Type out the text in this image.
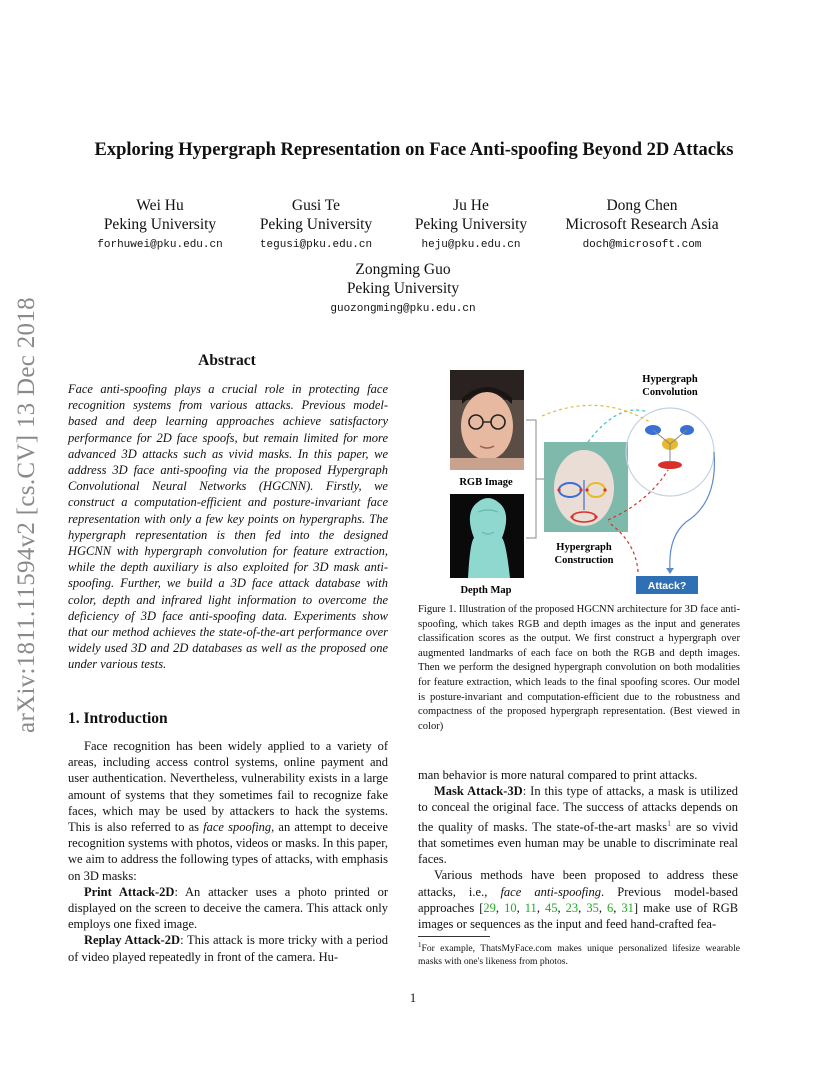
arXiv:1811.11594v2 [cs.CV] 13 Dec 2018
Exploring Hypergraph Representation on Face Anti-spoofing Beyond 2D Attacks
Wei Hu
Peking University
forhuwei@pku.edu.cn
Gusi Te
Peking University
tegusi@pku.edu.cn
Ju He
Peking University
heju@pku.edu.cn
Dong Chen
Microsoft Research Asia
doch@microsoft.com
Zongming Guo
Peking University
guozongming@pku.edu.cn
Abstract

Face anti-spoofing plays a crucial role in protecting face recognition systems from various attacks. Previous model-based and deep learning approaches achieve satisfactory performance for 2D face spoofs, but remain limited for more advanced 3D attacks such as vivid masks. In this paper, we address 3D face anti-spoofing via the proposed Hypergraph Convolutional Neural Networks (HGCNN). Firstly, we construct a computation-efficient and posture-invariant face representation with only a few key points on hypergraphs. The hypergraph representation is then fed into the designed HGCNN with hypergraph convolution for feature extraction, while the depth auxiliary is also exploited for 3D mask anti-spoofing. Further, we build a 3D face attack database with color, depth and infrared light information to overcome the deficiency of 3D face anti-spoofing data. Experiments show that our method achieves the state-of-the-art performance over widely used 3D and 2D databases as well as the proposed one under various tests.

1. Introduction

Face recognition has been widely applied to a variety of areas, including access control systems, online payment and user authentication. Nevertheless, vulnerability exists in a large amount of systems that they sometimes fail to recognize fake faces, which may be used by attackers to hack the systems. This is also referred to as face spoofing, an attempt to deceive recognition systems with photos, videos or masks. In this paper, we aim to address the following types of attacks, with emphasis on 3D masks:

Print Attack-2D: An attacker uses a photo printed or displayed on the screen to deceive the camera. This attack only employs one fixed image.

Replay Attack-2D: This attack is more tricky with a period of video played repeatedly in front of the camera. Hu-

man behavior is more natural compared to print attacks.

Mask Attack-3D: In this type of attacks, a mask is utilized to conceal the original face. The success of attacks depends on the quality of masks. The state-of-the-art masks$^1$ are so vivid that sometimes even human may be unable to discriminate real faces.

Various methods have been proposed to address these attacks, i.e., face anti-spoofing. Previous model-based approaches [29, 10, 11, 45, 23, 35, 6, 31] make use of RGB images or sequences as the input and feed hand-crafted fea-

$^1$For example, ThatsMyFace.com makes unique personalized lifesize wearable masks with one's likeness from photos.
RGB Image
Depth Map
Hypergraph
Construction
Hypergraph
Convolution
Attack?
Figure 1. Illustration of the proposed HGCNN architecture for 3D face anti-spoofing, which takes RGB and depth images as the input and generates classification scores as the output. We first construct a hypergraph over augmented landmarks of each face on both the RGB and depth images. Then we perform the designed hypergraph convolution on both modalities for feature extraction, which leads to the final spoofing scores. Our model is posture-invariant and computation-efficient due to the robustness and compactness of the proposed hypergraph representation. (Best viewed in color)
1
